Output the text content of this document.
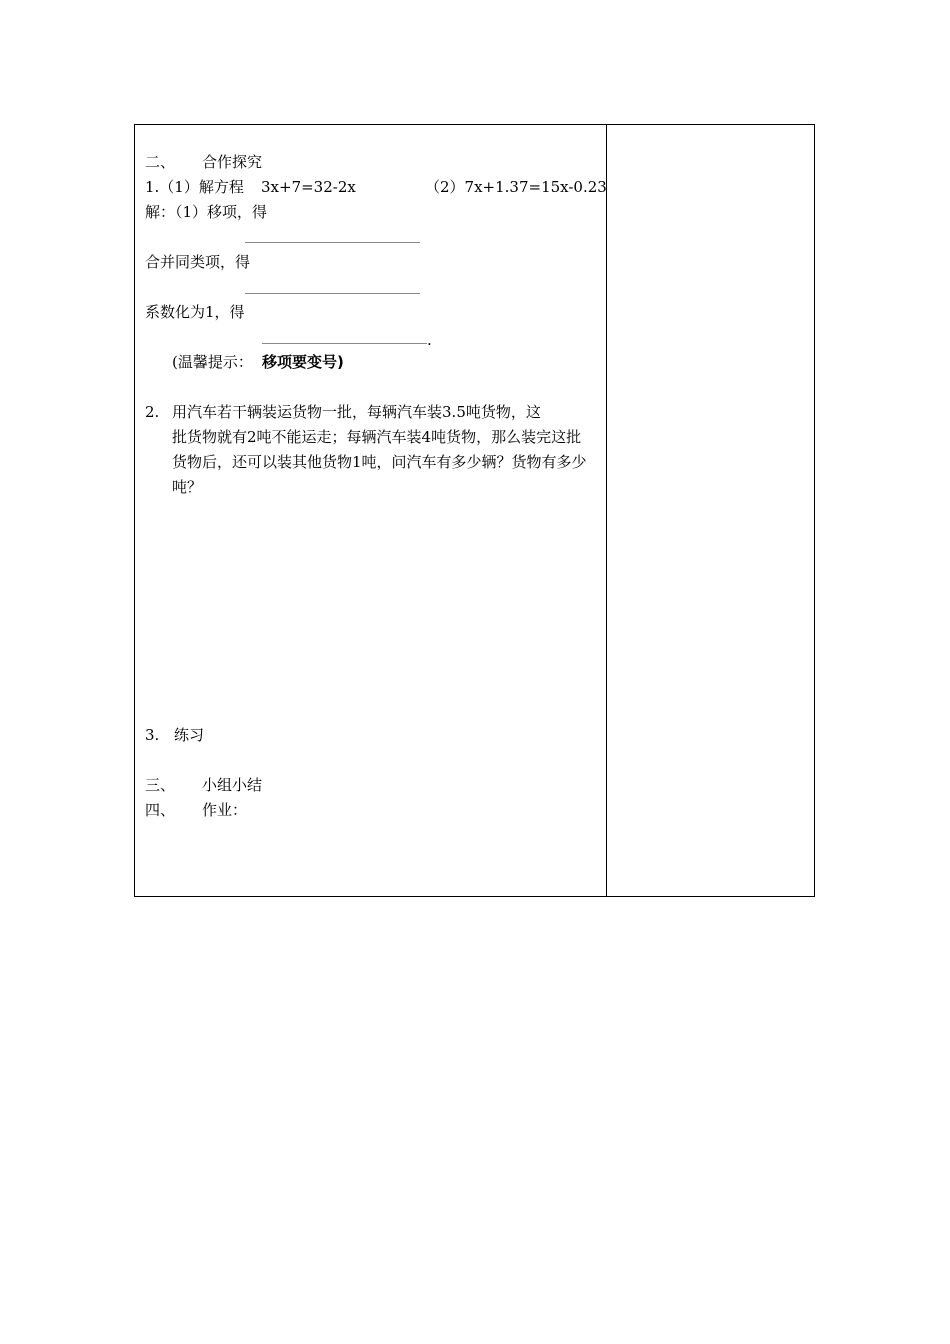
二、 合作探究
1.（1）解方程 3x+7=32-2x	（2）7x+1.37=15x-0.23
解：（1）移项，得
合并同类项，得
系数化为1，得
.
(温馨提示： 移项要变号)
2. 用汽车若干辆装运货物一批，每辆汽车装3.5吨货物，这
批货物就有2吨不能运走；每辆汽车装4吨货物，那么装完这批
货物后，还可以装其他货物1吨，问汽车有多少辆？货物有多少
吨？
3. 练习
三、 小组小结
四、 作业：
